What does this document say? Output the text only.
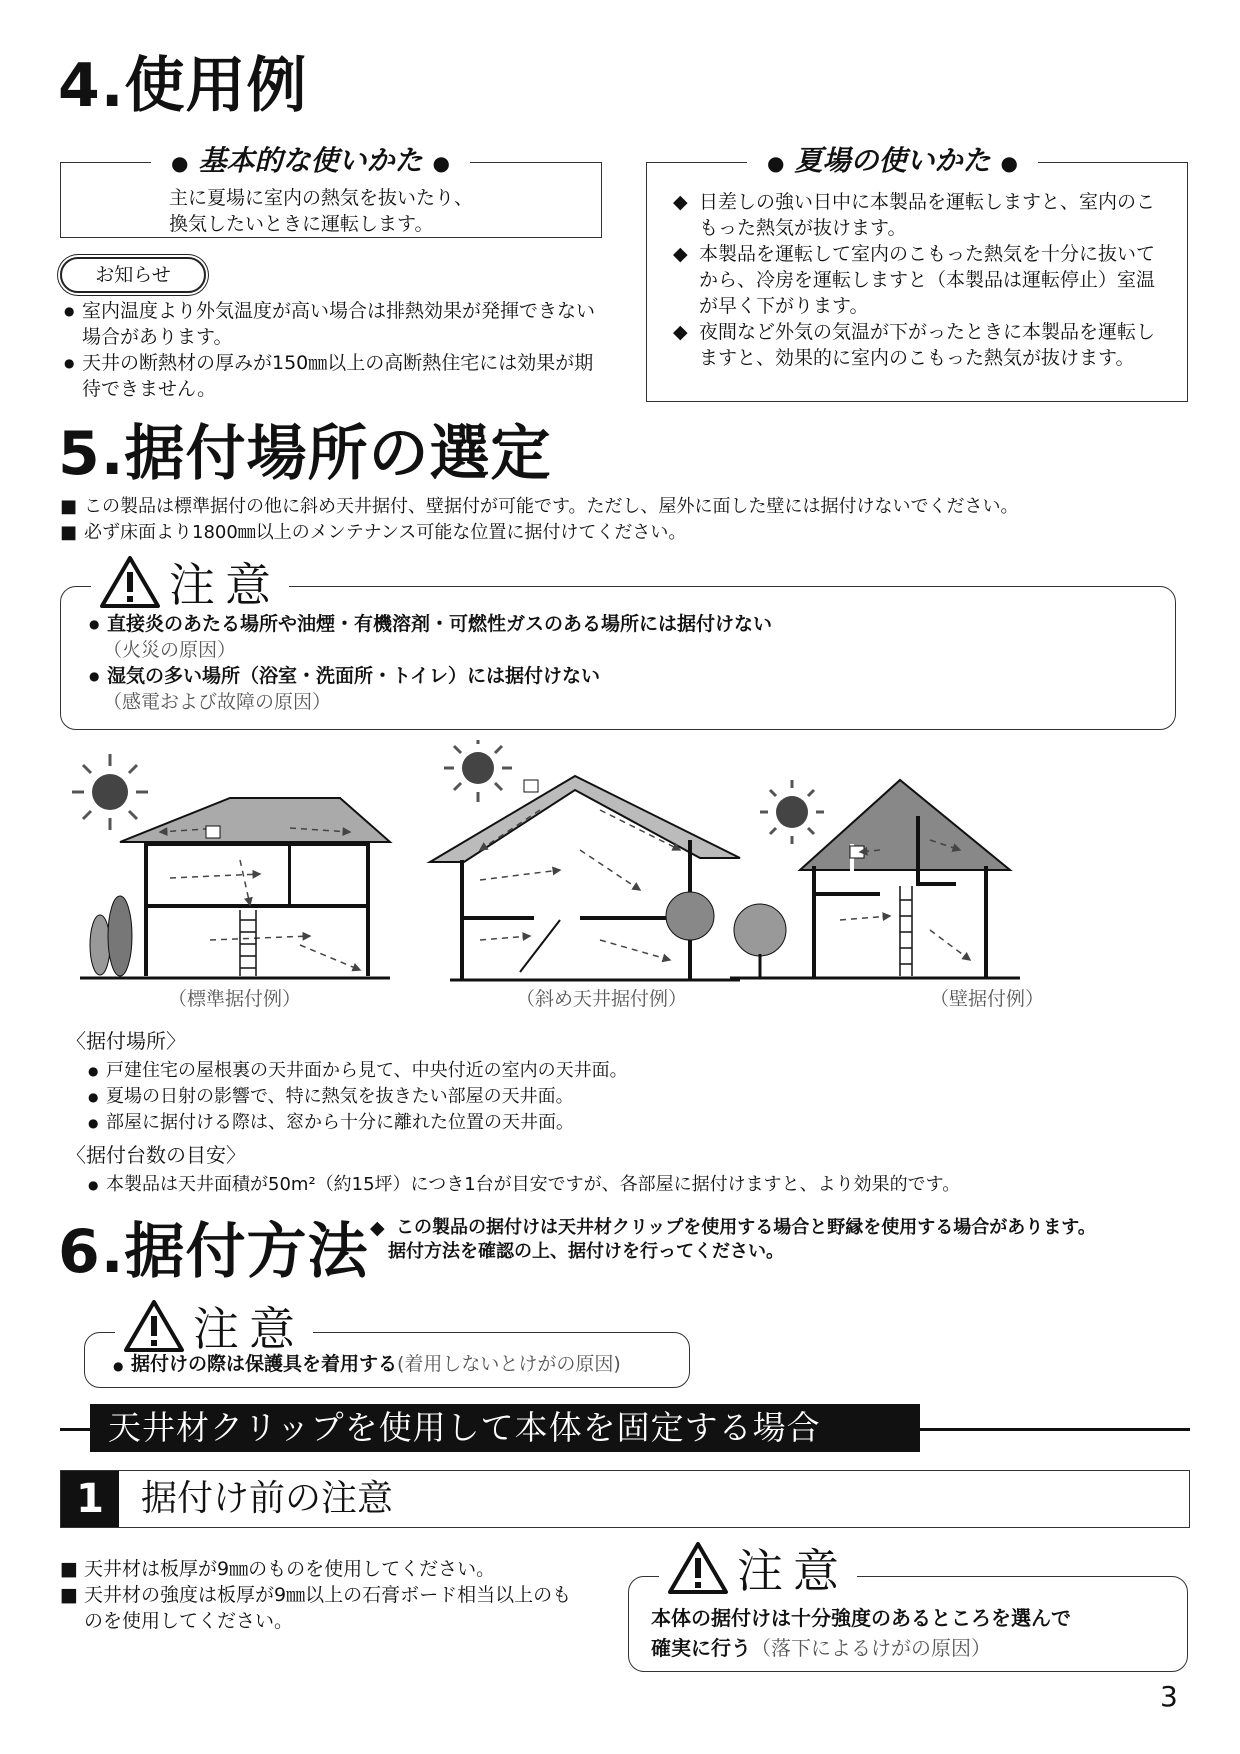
4.使用例
● 基本的な使いかた ●
主に夏場に室内の熱気を抜いたり、
換気したいときに運転します。
お知らせ
● 室内温度より外気温度が高い場合は排熱効果が発揮できない場合があります。
● 天井の断熱材の厚みが150㎜以上の高断熱住宅には効果が期待できません。
● 夏場の使いかた ●
◆ 日差しの強い日中に本製品を運転しますと、室内のこもった熱気が抜けます。
◆ 本製品を運転して室内のこもった熱気を十分に抜いてから、冷房を運転しますと（本製品は運転停止）室温が早く下がります。
◆ 夜間など外気の気温が下がったときに本製品を運転しますと、効果的に室内のこもった熱気が抜けます。
5.据付場所の選定
■ この製品は標準据付の他に斜め天井据付、壁据付が可能です。ただし、屋外に面した壁には据付けないでください。
■ 必ず床面より1800㎜以上のメンテナンス可能な位置に据付けてください。
注意
● 直接炎のあたる場所や油煙・有機溶剤・可燃性ガスのある場所には据付けない
（火災の原因）
● 湿気の多い場所（浴室・洗面所・トイレ）には据付けない
（感電および故障の原因）
（標準据付例）	（斜め天井据付例）	（壁据付例）
〈据付場所〉
● 戸建住宅の屋根裏の天井面から見て、中央付近の室内の天井面。
● 夏場の日射の影響で、特に熱気を抜きたい部屋の天井面。
● 部屋に据付ける際は、窓から十分に離れた位置の天井面。
〈据付台数の目安〉
● 本製品は天井面積が50m²（約15坪）につき1台が目安ですが、各部屋に据付けますと、より効果的です。
6.据付方法
◆	この製品の据付けは天井材クリップを使用する場合と野縁を使用する場合があります。
据付方法を確認の上、据付けを行ってください。
注意
● 据付けの際は保護具を着用する(着用しないとけがの原因)
天井材クリップを使用して本体を固定する場合
1	据付け前の注意
■ 天井材は板厚が9㎜のものを使用してください。
■ 天井材の強度は板厚が9㎜以上の石膏ボード相当以上のものを使用してください。
注意
本体の据付けは十分強度のあるところを選んで
確実に行う（落下によるけがの原因）
3
